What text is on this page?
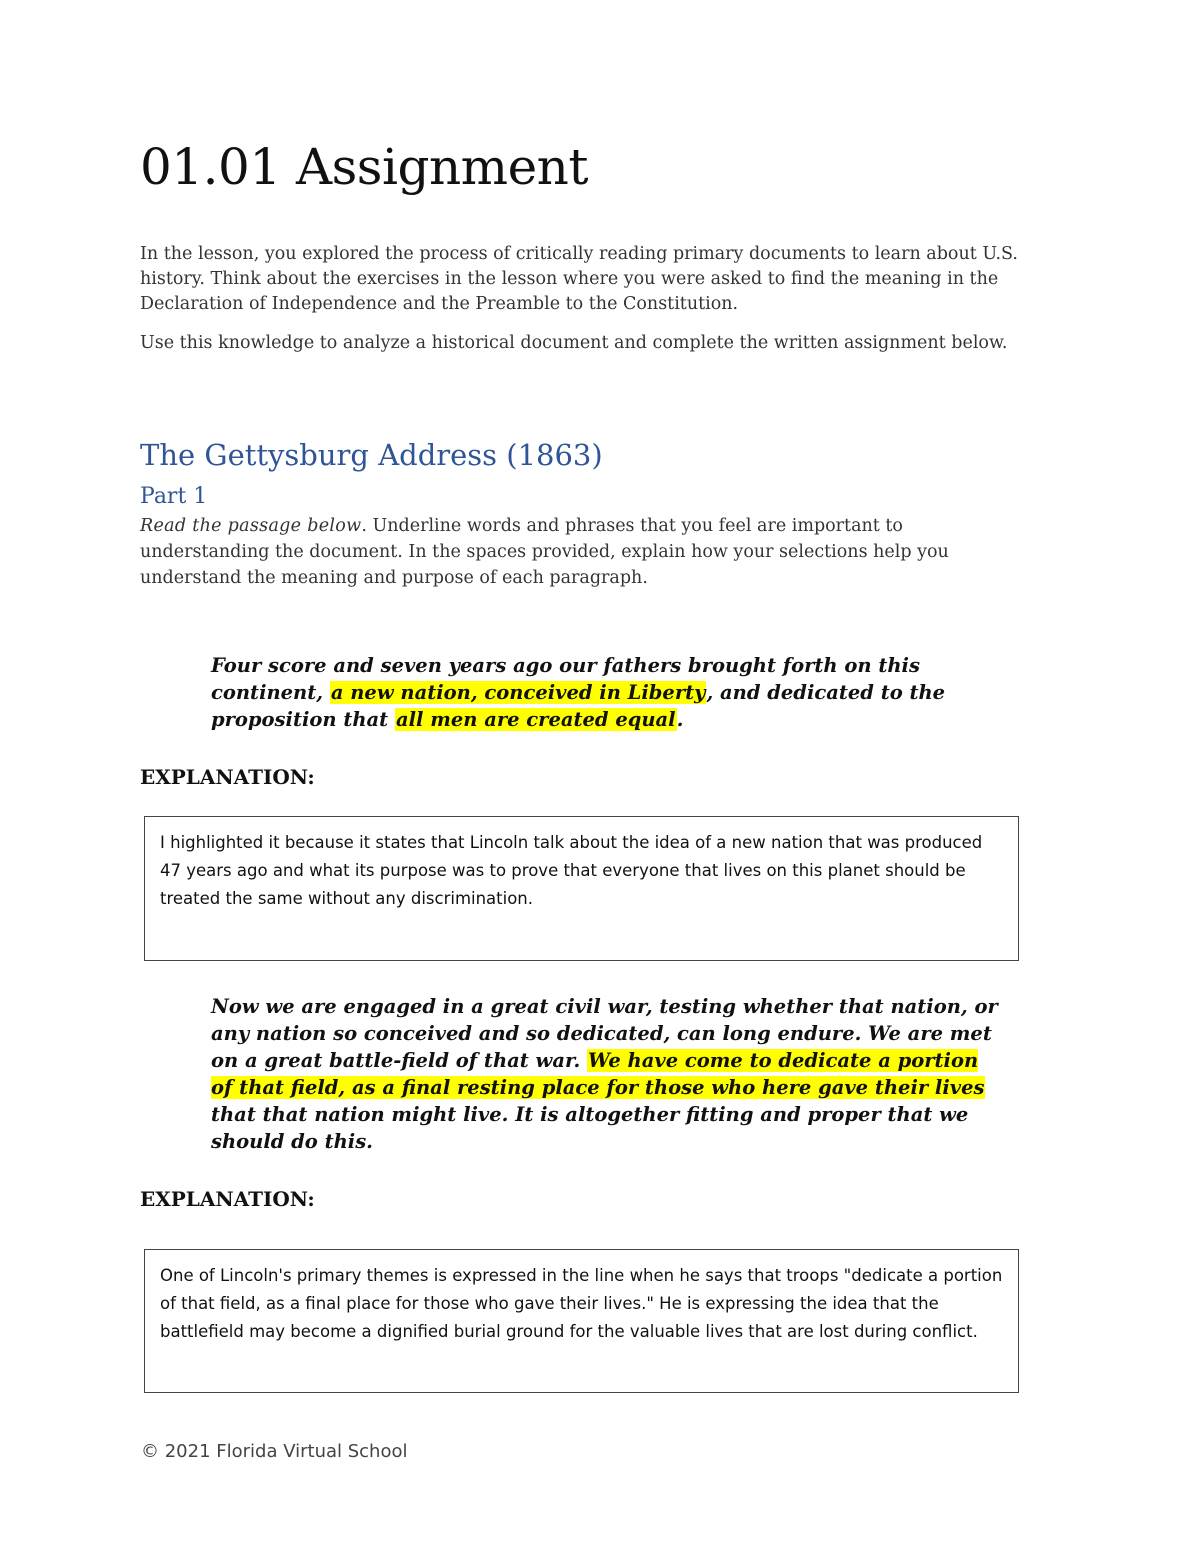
01.01 Assignment

In the lesson, you explored the process of critically reading primary documents to learn about U.S. history. Think about the exercises in the lesson where you were asked to find the meaning in the Declaration of Independence and the Preamble to the Constitution.

Use this knowledge to analyze a historical document and complete the written assignment below.

The Gettysburg Address (1863)
Part 1

Read the passage below. Underline words and phrases that you feel are important to understanding the document. In the spaces provided, explain how your selections help you understand the meaning and purpose of each paragraph.

Four score and seven years ago our fathers brought forth on this continent, a new nation, conceived in Liberty, and dedicated to the proposition that all men are created equal.

EXPLANATION:

I highlighted it because it states that Lincoln talk about the idea of a new nation that was produced 47 years ago and what its purpose was to prove that everyone that lives on this planet should be treated the same without any discrimination.

Now we are engaged in a great civil war, testing whether that nation, or any nation so conceived and so dedicated, can long endure. We are met on a great battle-field of that war. We have come to dedicate a portion of that field, as a final resting place for those who here gave their lives that that nation might live. It is altogether fitting and proper that we should do this.

EXPLANATION:

One of Lincoln's primary themes is expressed in the line when he says that troops "dedicate a portion of that field, as a final place for those who gave their lives." He is expressing the idea that the battlefield may become a dignified burial ground for the valuable lives that are lost during conflict.

© 2021 Florida Virtual School
